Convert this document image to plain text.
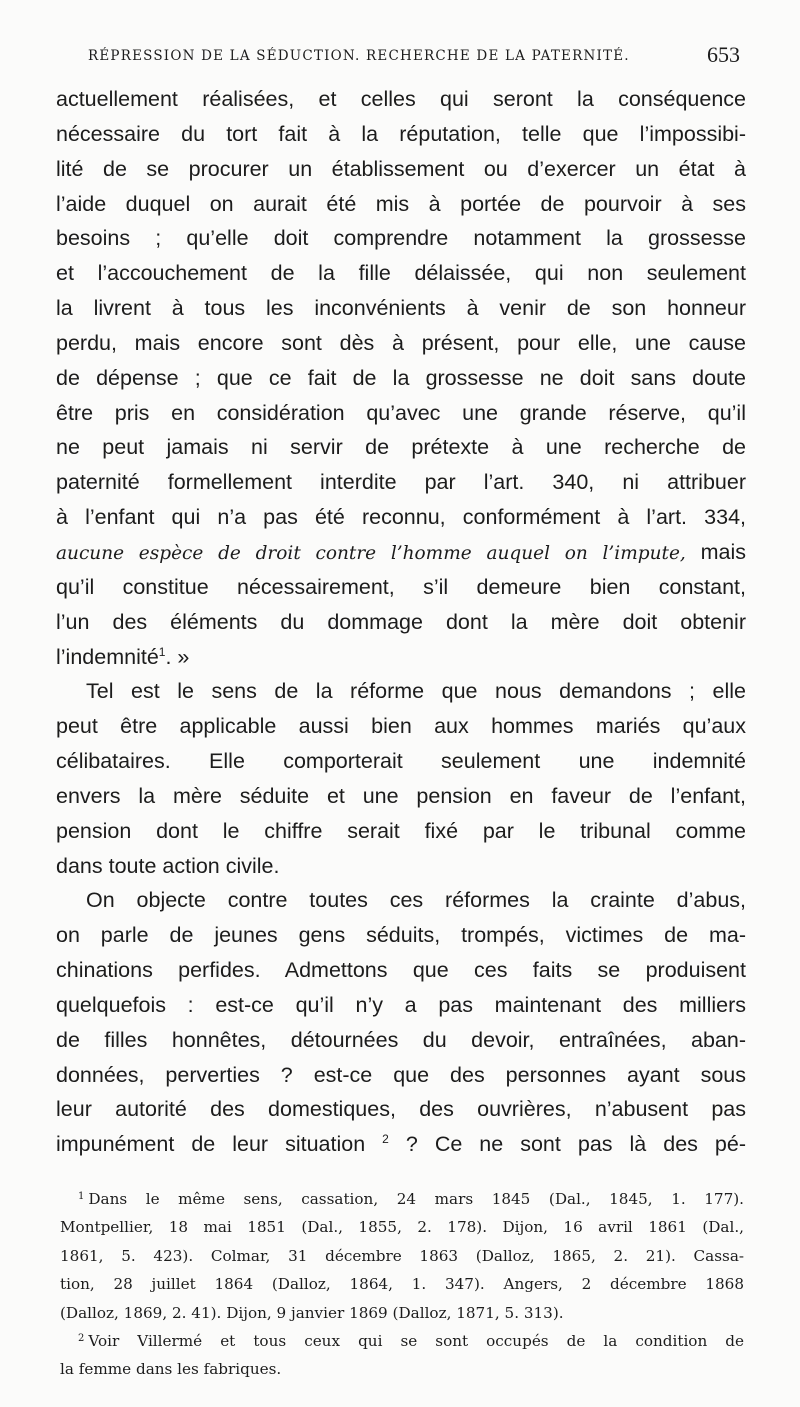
RÉPRESSION DE LA SÉDUCTION. RECHERCHE DE LA PATERNITÉ.	653
actuellement réalisées, et celles qui seront la conséquence
nécessaire du tort fait à la réputation, telle que l’impossibi-
lité de se procurer un établissement ou d’exercer un état à
l’aide duquel on aurait été mis à portée de pourvoir à ses
besoins ; qu’elle doit comprendre notamment la grossesse
et l’accouchement de la fille délaissée, qui non seulement
la livrent à tous les inconvénients à venir de son honneur
perdu, mais encore sont dès à présent, pour elle, une cause
de dépense ; que ce fait de la grossesse ne doit sans doute
être pris en considération qu’avec une grande réserve, qu’il
ne peut jamais ni servir de prétexte à une recherche de
paternité formellement interdite par l’art. 340, ni attribuer
à l’enfant qui n’a pas été reconnu, conformément à l’art. 334,
aucune espèce de droit contre l’homme auquel on l’impute, mais
qu’il constitue nécessairement, s’il demeure bien constant,
l’un des éléments du dommage dont la mère doit obtenir
l’indemnité$^1$. »
Tel est le sens de la réforme que nous demandons ; elle
peut être applicable aussi bien aux hommes mariés qu’aux
célibataires. Elle comporterait seulement une indemnité
envers la mère séduite et une pension en faveur de l’enfant,
pension dont le chiffre serait fixé par le tribunal comme
dans toute action civile.
On objecte contre toutes ces réformes la crainte d’abus,
on parle de jeunes gens séduits, trompés, victimes de ma-
chinations perfides. Admettons que ces faits se produisent
quelquefois : est-ce qu’il n’y a pas maintenant des milliers
de filles honnêtes, détournées du devoir, entraînées, aban-
données, perverties ? est-ce que des personnes ayant sous
leur autorité des domestiques, des ouvrières, n’abusent pas
impunément de leur situation $^2$ ? Ce ne sont pas là des pé-
$^1$ Dans le même sens, cassation, 24 mars 1845 (Dal., 1845, 1. 177).
Montpellier, 18 mai 1851 (Dal., 1855, 2. 178). Dijon, 16 avril 1861 (Dal.,
1861, 5. 423). Colmar, 31 décembre 1863 (Dalloz, 1865, 2. 21). Cassa-
tion, 28 juillet 1864 (Dalloz, 1864, 1. 347). Angers, 2 décembre 1868
(Dalloz, 1869, 2. 41). Dijon, 9 janvier 1869 (Dalloz, 1871, 5. 313).
$^2$ Voir Villermé et tous ceux qui se sont occupés de la condition de
la femme dans les fabriques.
